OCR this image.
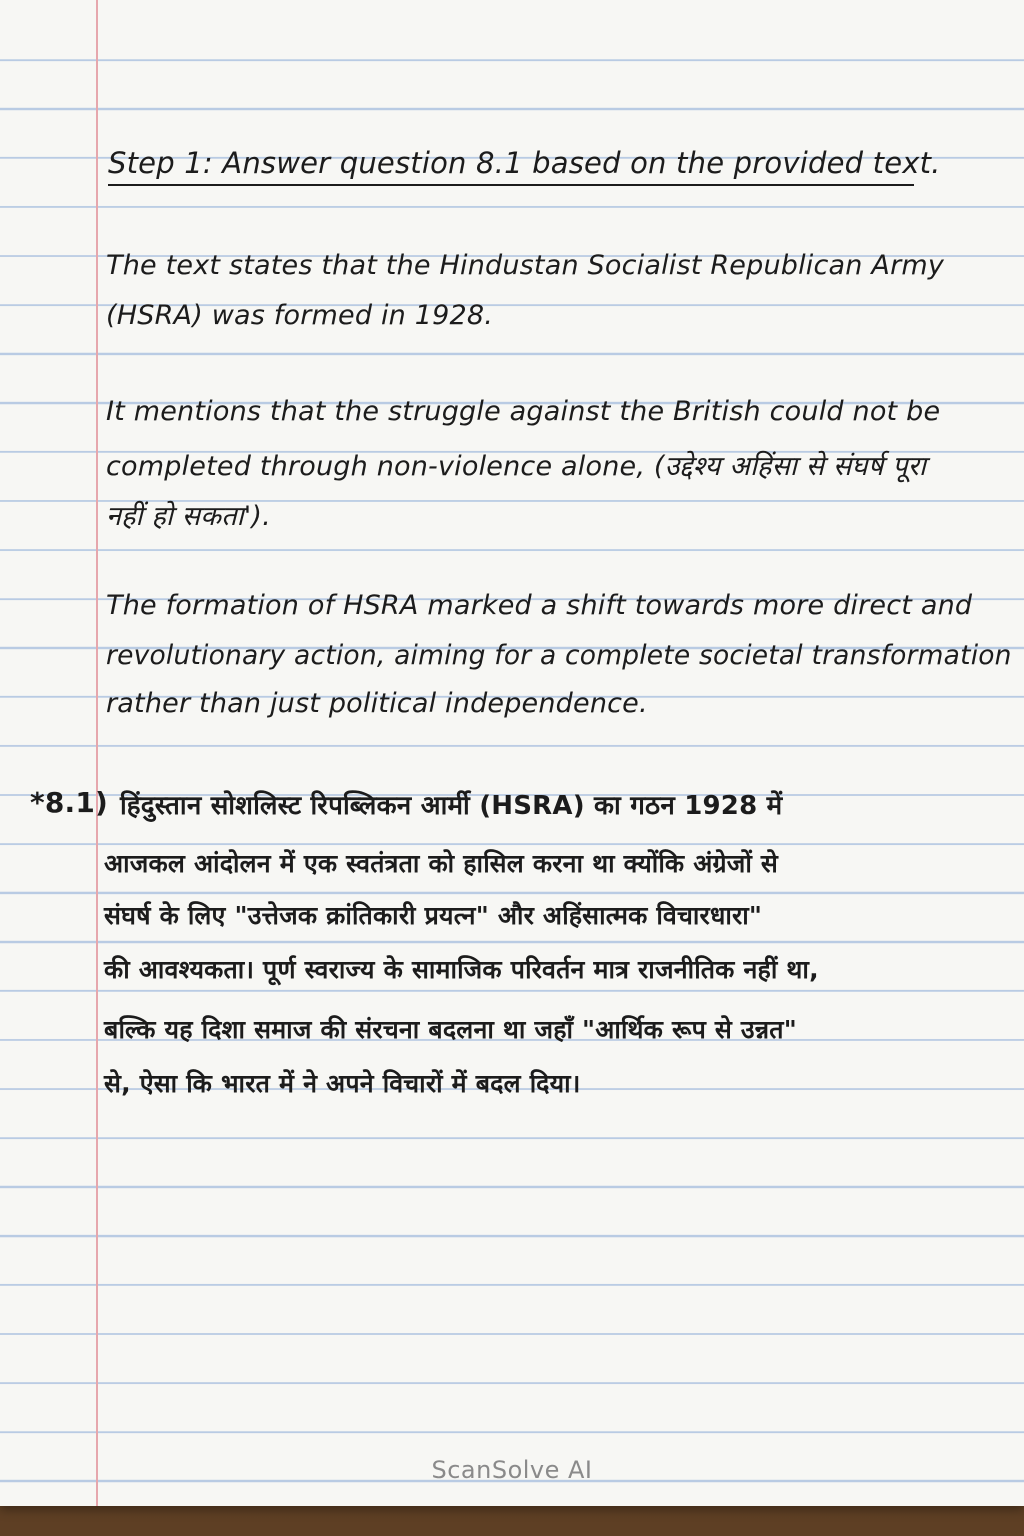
Step 1: Answer question 8.1 based on the provided text.
The text states that the Hindustan Socialist Republican Army
(HSRA) was formed in 1928.
It mentions that the struggle against the British could not be
completed through non-violence alone, (उद्देश्य अहिंसा से संघर्ष पूरा
नहीं हो सकता').
The formation of HSRA marked a shift towards more direct and
revolutionary action, aiming for a complete societal transformation
rather than just political independence.
*8.1) हिंदुस्तान सोशलिस्ट रिपब्लिकन आर्मी (HSRA) का गठन 1928 में
आजकल आंदोलन में एक स्वतंत्रता को हासिल करना था क्योंकि अंग्रेजों से
संघर्ष के लिए "उत्तेजक क्रांतिकारी प्रयत्न" और अहिंसात्मक विचारधारा"
की आवश्यकता। पूर्ण स्वराज्य के सामाजिक परिवर्तन मात्र राजनीतिक नहीं था,
बल्कि यह दिशा समाज की संरचना बदलना था जहाँ "आर्थिक रूप से उन्नत"
से, ऐसा कि भारत में ने अपने विचारों में बदल दिया।
ScanSolve AI
